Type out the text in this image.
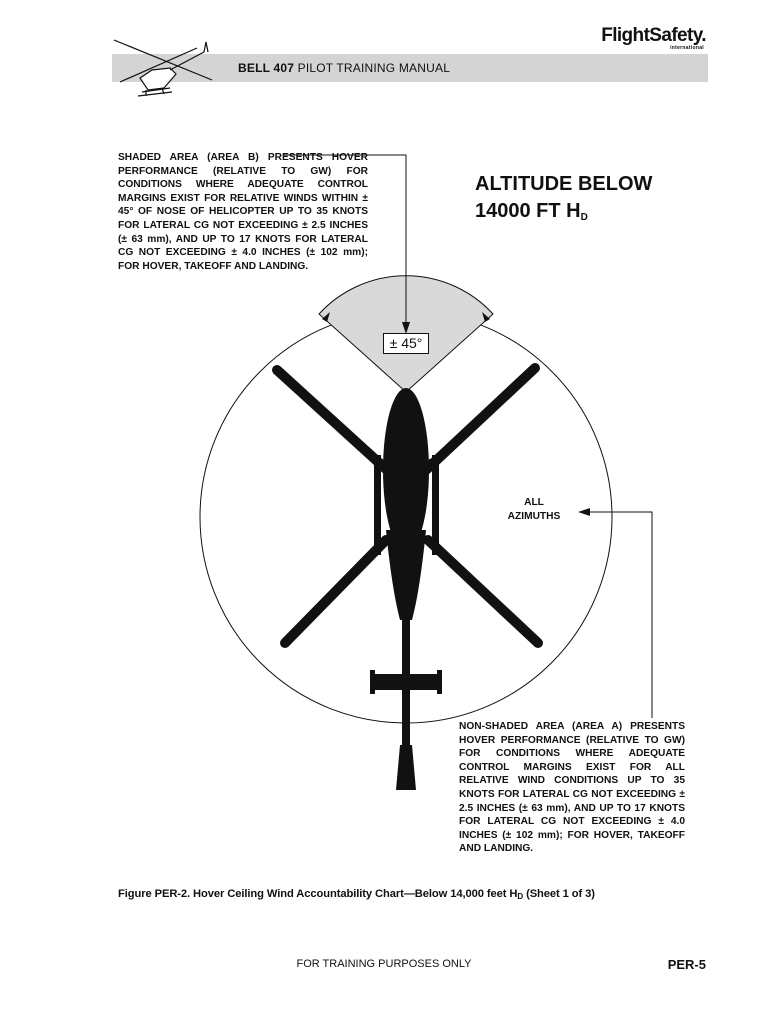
BELL 407 PILOT TRAINING MANUAL
FlightSafety.
international
± 45°
ALTITUDE BELOW
14000 FT $H_D$
SHADED AREA (AREA B) PRESENTS HOVER PERFORMANCE (RELATIVE TO GW) FOR CONDITIONS WHERE ADEQUATE CONTROL MARGINS EXIST FOR RELATIVE WINDS WITHIN ± 45° OF NOSE OF HELICOPTER UP TO 35 KNOTS FOR LATERAL CG NOT EXCEEDING ± 2.5 INCHES (± 63 mm), AND UP TO 17 KNOTS FOR LATERAL CG NOT EXCEEDING ± 4.0 INCHES (± 102 mm); FOR HOVER, TAKEOFF AND LANDING.
ALL
AZIMUTHS
NON-SHADED AREA (AREA A) PRESENTS HOVER PERFORMANCE (RELATIVE TO GW) FOR CONDITIONS WHERE ADEQUATE CONTROL MARGINS EXIST FOR ALL RELATIVE WIND CONDITIONS UP TO 35 KNOTS FOR LATERAL CG NOT EXCEEDING ± 2.5 INCHES (± 63 mm), AND UP TO 17 KNOTS FOR LATERAL CG NOT EXCEEDING ± 4.0 INCHES (± 102 mm); FOR HOVER, TAKEOFF AND LANDING.
Figure PER-2. Hover Ceiling Wind Accountability Chart—Below 14,000 feet $H_D$ (Sheet 1 of 3)
FOR TRAINING PURPOSES ONLY	PER-5
